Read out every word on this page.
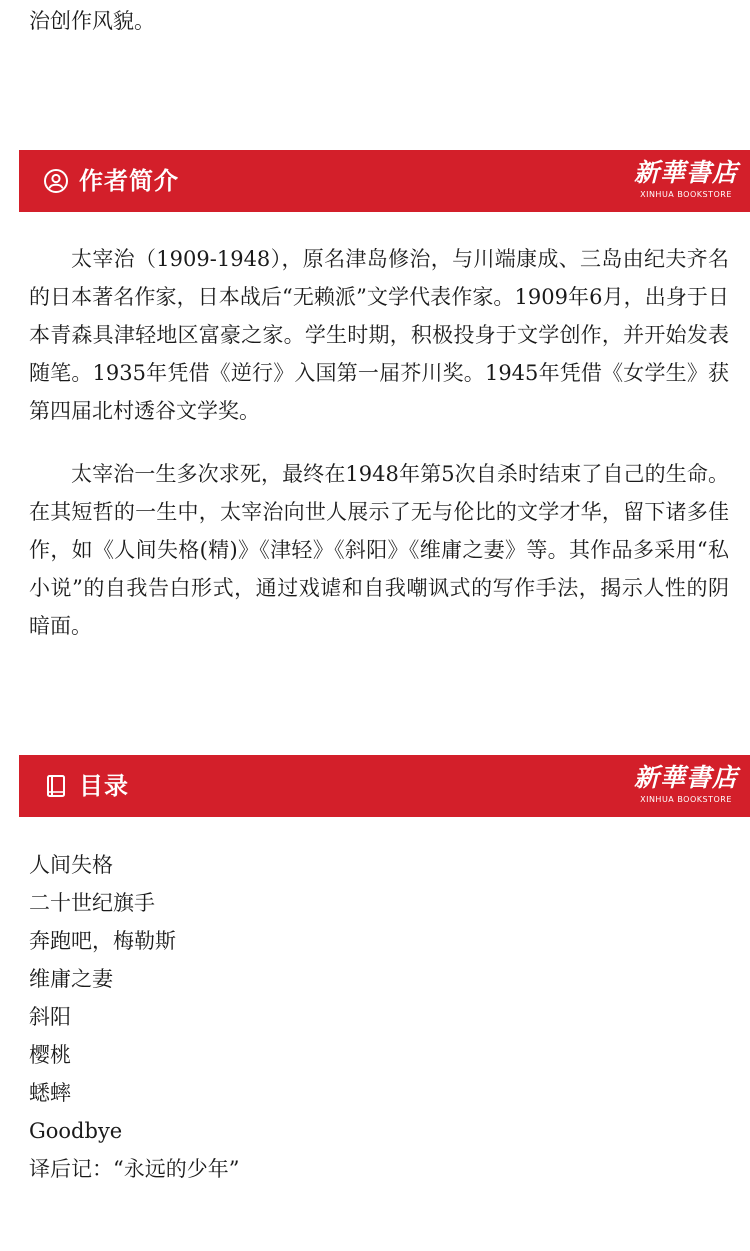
治创作风貌。

作者简介	新華書店
XINHUA BOOKSTORE

太宰治（1909-1948），原名津岛修治，与川端康成、三岛由纪夫齐名的日本著名作家，日本战后“无赖派”文学代表作家。1909年6月，出身于日本青森具津轻地区富豪之家。学生时期，积极投身于文学创作，并开始发表随笔。1935年凭借《逆行》入国第一届芥川奖。1945年凭借《女学生》获第四届北村透谷文学奖。

太宰治一生多次求死，最终在1948年第5次自杀时结束了自己的生命。在其短哲的一生中，太宰治向世人展示了无与伦比的文学才华，留下诸多佳作，如《人间失格(精)》《津轻》《斜阳》《维庸之妻》等。其作品多采用“私小说”的自我告白形式，通过戏谑和自我嘲讽式的写作手法，揭示人性的阴暗面。

目录	新華書店
XINHUA BOOKSTORE
人间失格
二十世纪旗手
奔跑吧，梅勒斯
维庸之妻
斜阳
樱桃
蟋蟀
Goodbye
译后记：“永远的少年”
